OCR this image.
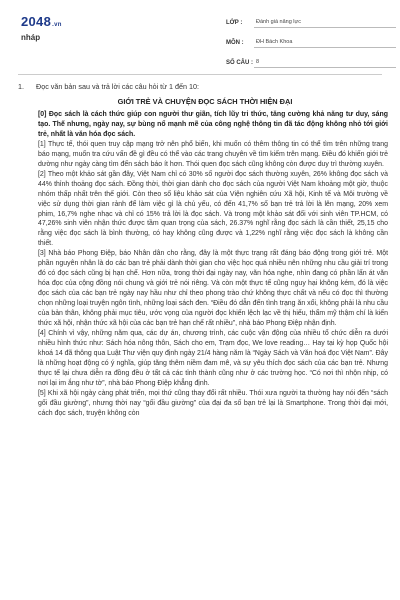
2048.vn
nháp
LỚP :	Đánh giá năng lực
MÔN :	ĐH Bách Khoa
SỐ CÂU : 8
1.	Đọc văn bản sau và trả lời các câu hỏi từ 1 đến 10:
GIỚI TRẺ VÀ CHUYỆN ĐỌC SÁCH THỜI HIỆN ĐẠI

[0] Đọc sách là cách thức giúp con người thư giãn, tích lũy tri thức, tăng cường khả năng tư duy, sáng tạo. Thế nhưng, ngày nay, sự bùng nổ mạnh mẽ của công nghệ thông tin đã tác động không nhỏ tới giới trẻ, nhất là văn hóa đọc sách.

[1] Thực tế, thói quen truy cập mạng trở nên phổ biến, khi muốn có thêm thông tin có thể tìm trên những trang báo mạng, muốn tra cứu vấn đề gì đều có thể vào các trang chuyên về tìm kiếm trên mạng. Điều đó khiến giới trẻ dường như ngày càng tìm đến sách báo ít hơn. Thói quen đọc sách cũng không còn được duy trì thường xuyên.

[2] Theo một khảo sát gần đây, Việt Nam chỉ có 30% số người đọc sách thường xuyên, 26% không đọc sách và 44% thỉnh thoảng đọc sách. Đồng thời, thời gian dành cho đọc sách của người Việt Nam khoảng một giờ, thuộc nhóm thấp nhất trên thế giới. Còn theo số liệu khảo sát của Viện nghiên cứu Xã hội, Kinh tế và Môi trường về việc sử dụng thời gian rảnh để làm việc gì là chủ yếu, có đến 41,7% số bạn trẻ trả lời là lên mạng, 20% xem phim, 16,7% nghe nhạc và chỉ có 15% trả lời là đọc sách. Và trong một khảo sát đối với sinh viên TP.HCM, có 47,26% sinh viên nhận thức được tầm quan trọng của sách, 26.37% nghĩ rằng đọc sách là cần thiết, 25,15 cho rằng việc đọc sách là bình thường, có hay không cũng được và 1,22% nghĩ rằng việc đọc sách là không cần thiết.

[3] Nhà báo Phong Điệp, báo Nhân dân cho rằng, đây là một thực trạng rất đáng báo động trong giới trẻ. Một phần nguyên nhân là do các bạn trẻ phải dành thời gian cho việc học quá nhiều nên những nhu cầu giải trí trong đó có đọc sách cũng bị hạn chế. Hơn nữa, trong thời đại ngày nay, văn hóa nghe, nhìn đang có phần lấn át văn hóa đọc của cộng đồng nói chung và giới trẻ nói riêng. Và còn một thực tế cũng nguy hại không kém, đó là việc đọc sách của các bạn trẻ ngày nay hầu như chỉ theo phong trào chứ không thực chất và nếu có đọc thì thường chọn những loại truyện ngôn tình, những loại sách đen. “Điều đó dẫn đến tình trạng ăn xổi, không phải là nhu cầu của bản thân, không phải mục tiêu, ước vọng của người đọc khiến lệch lạc về thị hiếu, thẩm mỹ thậm chí là kiến thức xã hội, nhận thức xã hội của các bạn trẻ hạn chế rất nhiều”, nhà báo Phong Điệp nhận định.

[4] Chính vì vậy, những năm qua, các dự án, chương trình, các cuộc vận động của nhiều tổ chức diễn ra dưới nhiều hình thức như: Sách hóa nông thôn, Sách cho em, Trạm đọc, We love reading… Hay tại kỳ họp Quốc hội khoá 14 đã thông qua Luật Thư viện quy định ngày 21/4 hàng năm là “Ngày Sách và Văn hoá đọc Việt Nam”. Đây là những hoạt động có ý nghĩa, giúp tăng thêm niềm đam mê, và sự yêu thích đọc sách của các bạn trẻ. Nhưng thực tế lại chưa diễn ra đồng đều ở tất cả các tỉnh thành cũng như ở các trường học. “Có nơi thì nhộn nhịp, có nơi lại im ắng như tờ”, nhà báo Phong Điệp khẳng định.

[5] Khi xã hội ngày càng phát triển, mọi thứ cũng thay đổi rất nhiều. Thói xưa người ta thường hay nói đến “sách gối đầu giường”, nhưng thời nay “gối đầu giường” của đại đa số bạn trẻ lại là Smartphone. Trong thời đại mới, cách đọc sách, truyện không còn
